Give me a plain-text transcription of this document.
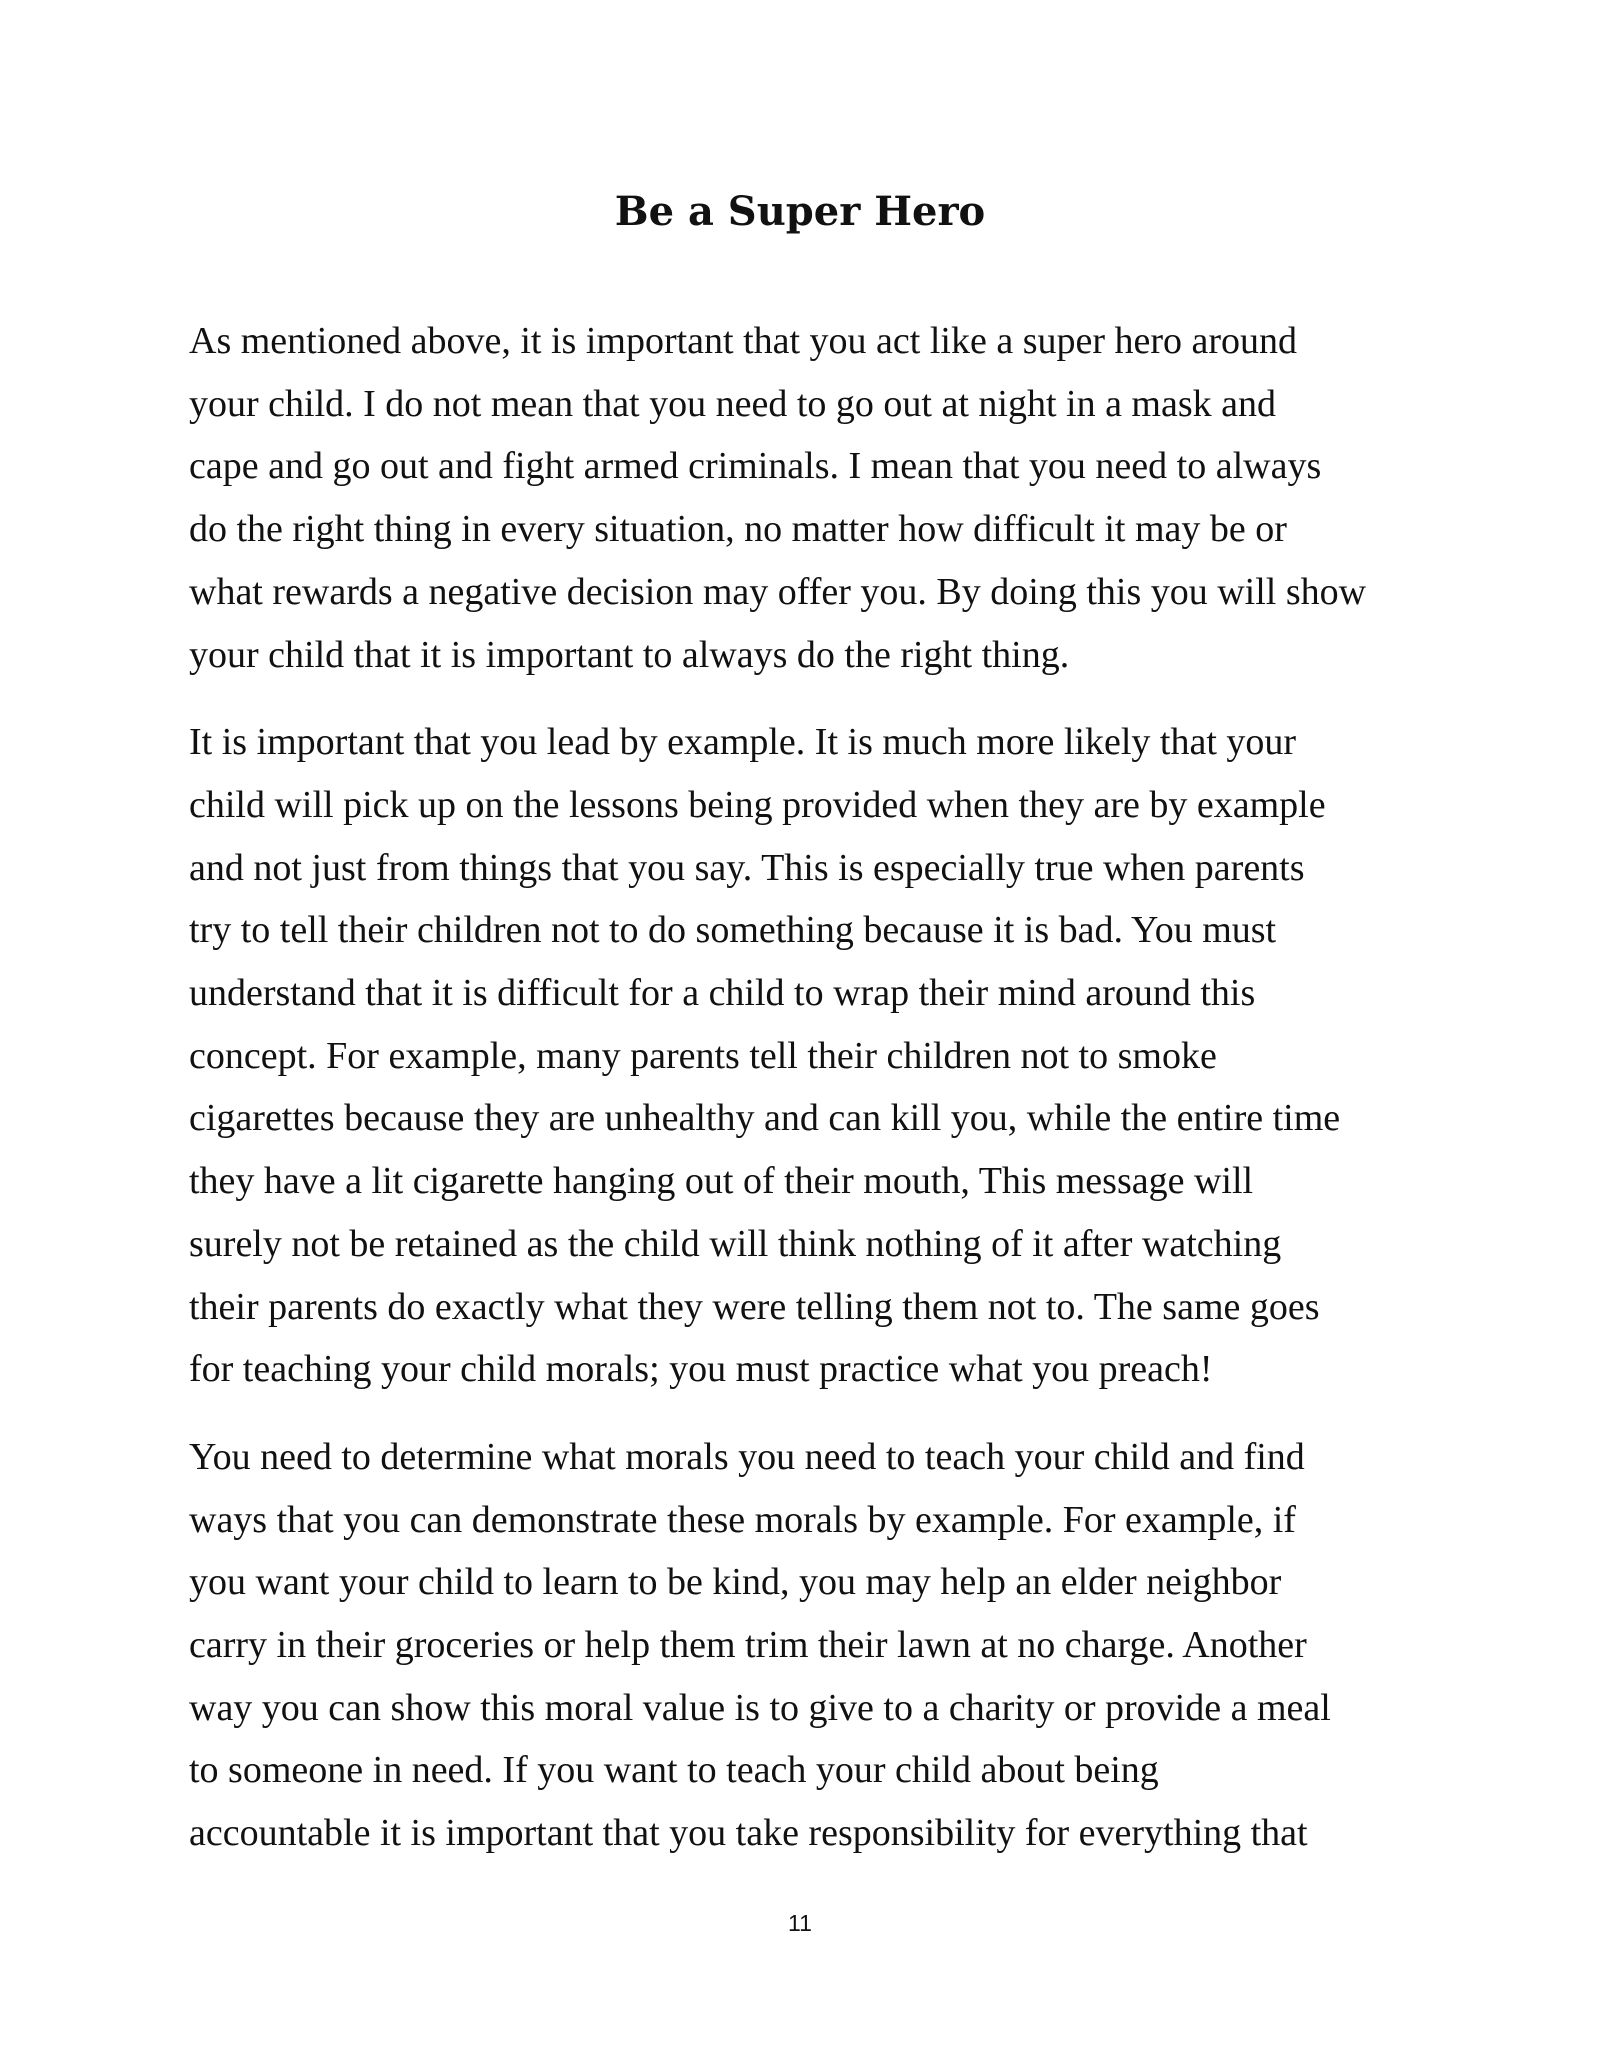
Be a Super Hero

As mentioned above, it is important that you act like a super hero around
your child. I do not mean that you need to go out at night in a mask and
cape and go out and fight armed criminals. I mean that you need to always
do the right thing in every situation, no matter how difficult it may be or
what rewards a negative decision may offer you. By doing this you will show
your child that it is important to always do the right thing.

It is important that you lead by example. It is much more likely that your
child will pick up on the lessons being provided when they are by example
and not just from things that you say. This is especially true when parents
try to tell their children not to do something because it is bad. You must
understand that it is difficult for a child to wrap their mind around this
concept. For example, many parents tell their children not to smoke
cigarettes because they are unhealthy and can kill you, while the entire time
they have a lit cigarette hanging out of their mouth, This message will
surely not be retained as the child will think nothing of it after watching
their parents do exactly what they were telling them not to. The same goes
for teaching your child morals; you must practice what you preach!

You need to determine what morals you need to teach your child and find
ways that you can demonstrate these morals by example. For example, if
you want your child to learn to be kind, you may help an elder neighbor
carry in their groceries or help them trim their lawn at no charge. Another
way you can show this moral value is to give to a charity or provide a meal
to someone in need. If you want to teach your child about being
accountable it is important that you take responsibility for everything that

11
